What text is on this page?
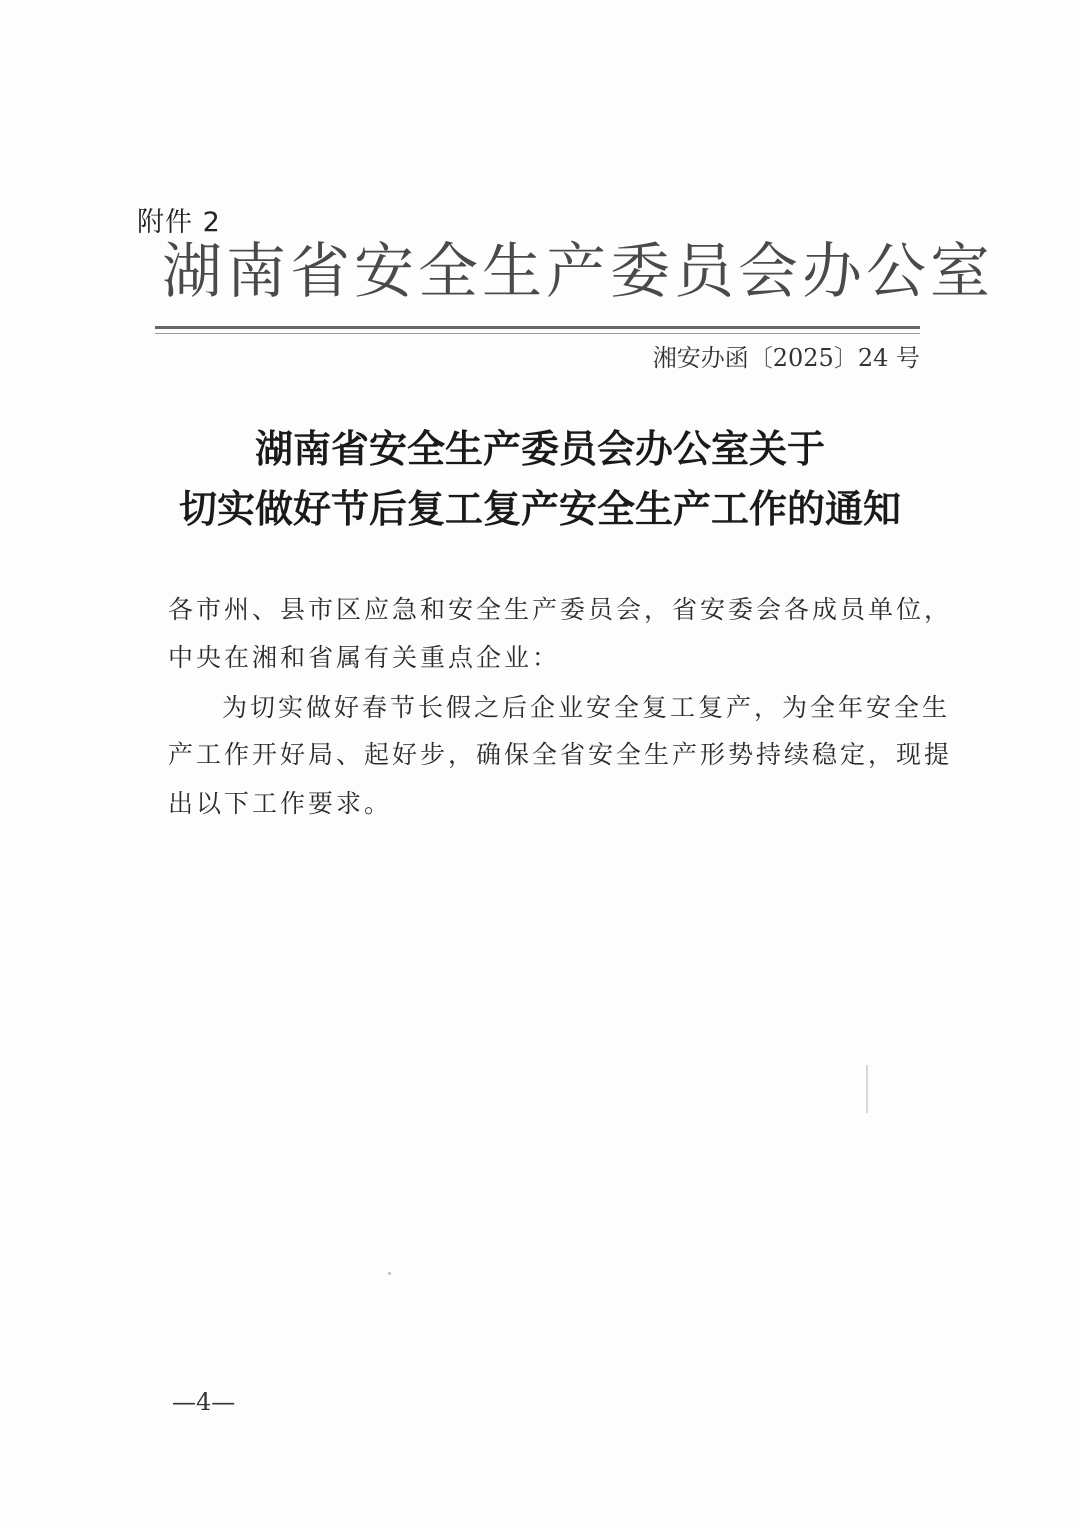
附件 2
湖南省安全生产委员会办公室
湘安办函〔2025〕24 号
湖南省安全生产委员会办公室关于
切实做好节后复工复产安全生产工作的通知
各市州、县市区应急和安全生产委员会，省安委会各成员单位，
中央在湘和省属有关重点企业：
为切实做好春节长假之后企业安全复工复产，为全年安全生
产工作开好局、起好步，确保全省安全生产形势持续稳定，现提
出以下工作要求。
—4—
